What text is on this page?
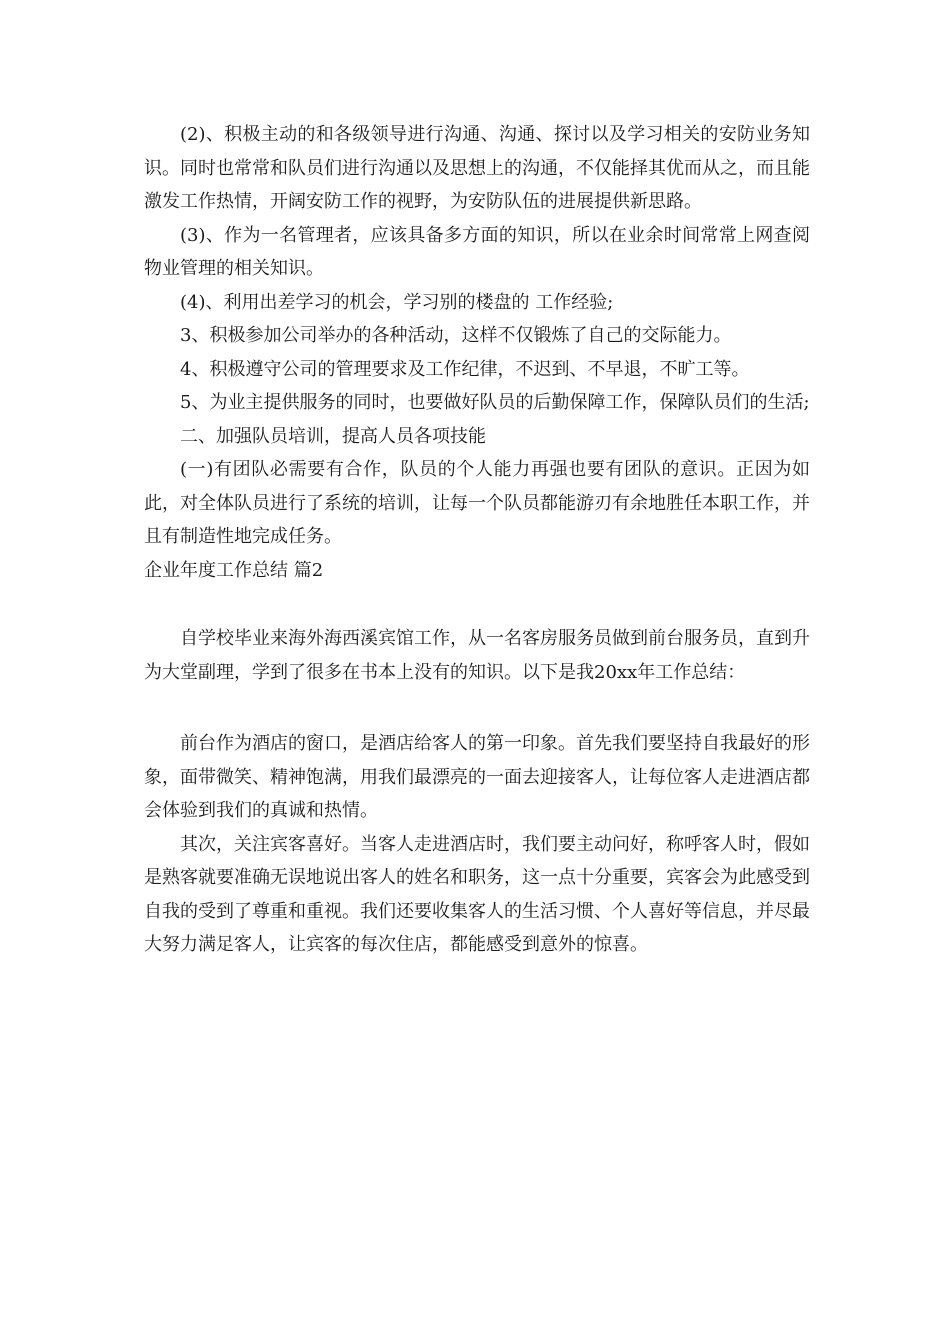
(2)、积极主动的和各级领导进行沟通、沟通、探讨以及学习相关的安防业务知识。同时也常常和队员们进行沟通以及思想上的沟通，不仅能择其优而从之，而且能激发工作热情，开阔安防工作的视野，为安防队伍的进展提供新思路。

(3)、作为一名管理者，应该具备多方面的知识，所以在业余时间常常上网查阅物业管理的相关知识。

(4)、利用出差学习的机会，学习别的楼盘的 工作经验;

3、积极参加公司举办的各种活动，这样不仅锻炼了自己的交际能力。

4、积极遵守公司的管理要求及工作纪律，不迟到、不早退，不旷工等。

5、为业主提供服务的同时，也要做好队员的后勤保障工作，保障队员们的生活;

二、加强队员培训，提高人员各项技能

(一)有团队必需要有合作，队员的个人能力再强也要有团队的意识。正因为如此，对全体队员进行了系统的培训，让每一个队员都能游刃有余地胜任本职工作，并且有制造性地完成任务。

企业年度工作总结 篇2

自学校毕业来海外海西溪宾馆工作，从一名客房服务员做到前台服务员，直到升为大堂副理，学到了很多在书本上没有的知识。以下是我20xx年工作总结：

前台作为酒店的窗口，是酒店给客人的第一印象。首先我们要坚持自我最好的形象，面带微笑、精神饱满，用我们最漂亮的一面去迎接客人，让每位客人走进酒店都会体验到我们的真诚和热情。

其次，关注宾客喜好。当客人走进酒店时，我们要主动问好，称呼客人时，假如是熟客就要准确无误地说出客人的姓名和职务，这一点十分重要，宾客会为此感受到自我的受到了尊重和重视。我们还要收集客人的生活习惯、个人喜好等信息，并尽最大努力满足客人，让宾客的每次住店，都能感受到意外的惊喜。
